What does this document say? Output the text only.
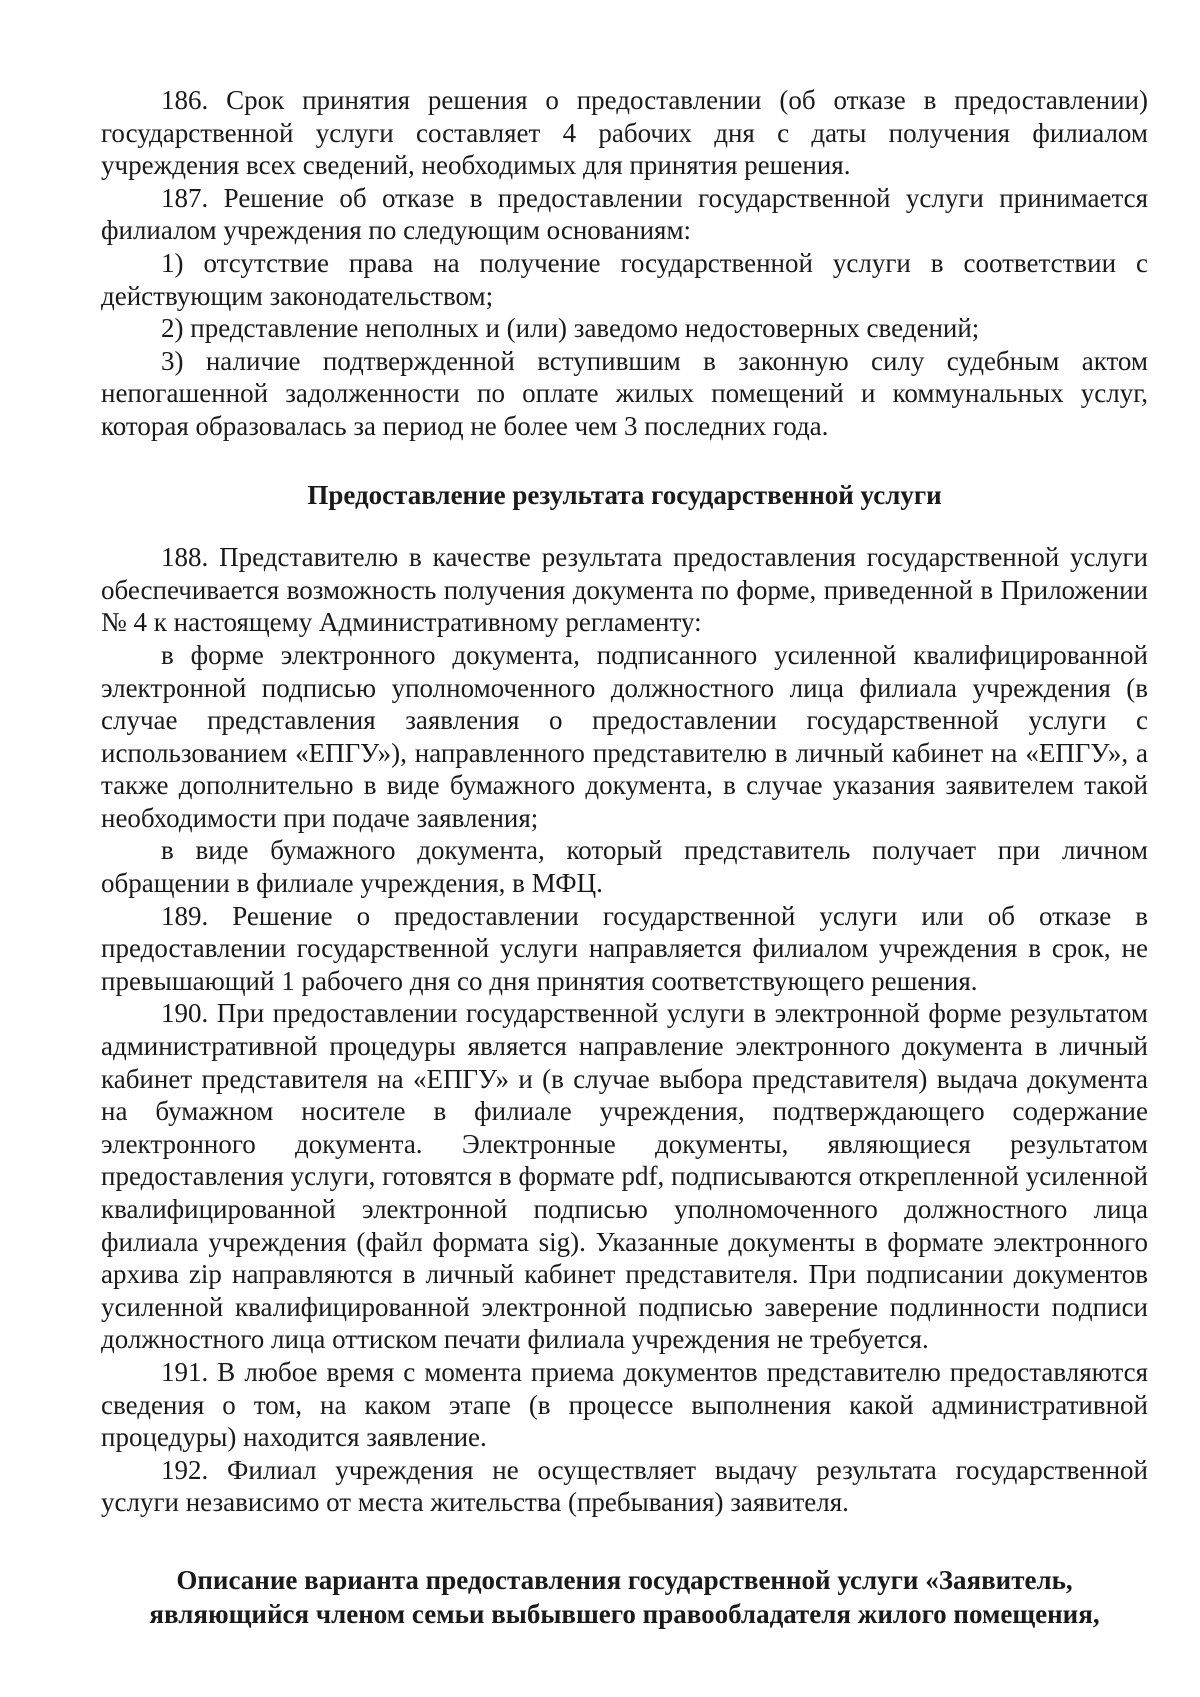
186. Срок принятия решения о предоставлении (об отказе в предоставлении) государственной услуги составляет 4 рабочих дня с даты получения филиалом учреждения всех сведений, необходимых для принятия решения.

187. Решение об отказе в предоставлении государственной услуги принимается филиалом учреждения по следующим основаниям:

1) отсутствие права на получение государственной услуги в соответствии с действующим законодательством;

2) представление неполных и (или) заведомо недостоверных сведений;

3) наличие подтвержденной вступившим в законную силу судебным актом непогашенной задолженности по оплате жилых помещений и коммунальных услуг, которая образовалась за период не более чем 3 последних года.

Предоставление результата государственной услуги

188. Представителю в качестве результата предоставления государственной услуги обеспечивается возможность получения документа по форме, приведенной в Приложении № 4 к настоящему Административному регламенту:

в форме электронного документа, подписанного усиленной квалифицированной электронной подписью уполномоченного должностного лица филиала учреждения (в случае представления заявления о предоставлении государственной услуги с использованием «ЕПГУ»), направленного представителю в личный кабинет на «ЕПГУ», а также дополнительно в виде бумажного документа, в случае указания заявителем такой необходимости при подаче заявления;

в виде бумажного документа, который представитель получает при личном обращении в филиале учреждения, в МФЦ.

189. Решение о предоставлении государственной услуги или об отказе в предоставлении государственной услуги направляется филиалом учреждения в срок, не превышающий 1 рабочего дня со дня принятия соответствующего решения.

190. При предоставлении государственной услуги в электронной форме результатом административной процедуры является направление электронного документа в личный кабинет представителя на «ЕПГУ» и (в случае выбора представителя) выдача документа на бумажном носителе в филиале учреждения, подтверждающего содержание электронного документа. Электронные документы, являющиеся результатом предоставления услуги, готовятся в формате pdf, подписываются открепленной усиленной квалифицированной электронной подписью уполномоченного должностного лица филиала учреждения (файл формата sig). Указанные документы в формате электронного архива zip направляются в личный кабинет представителя. При подписании документов усиленной квалифицированной электронной подписью заверение подлинности подписи должностного лица оттиском печати филиала учреждения не требуется.

191. В любое время с момента приема документов представителю предоставляются сведения о том, на каком этапе (в процессе выполнения какой административной процедуры) находится заявление.

192. Филиал учреждения не осуществляет выдачу результата государственной услуги независимо от места жительства (пребывания) заявителя.

Описание варианта предоставления государственной услуги «Заявитель,

являющийся членом семьи выбывшего правообладателя жилого помещения,
